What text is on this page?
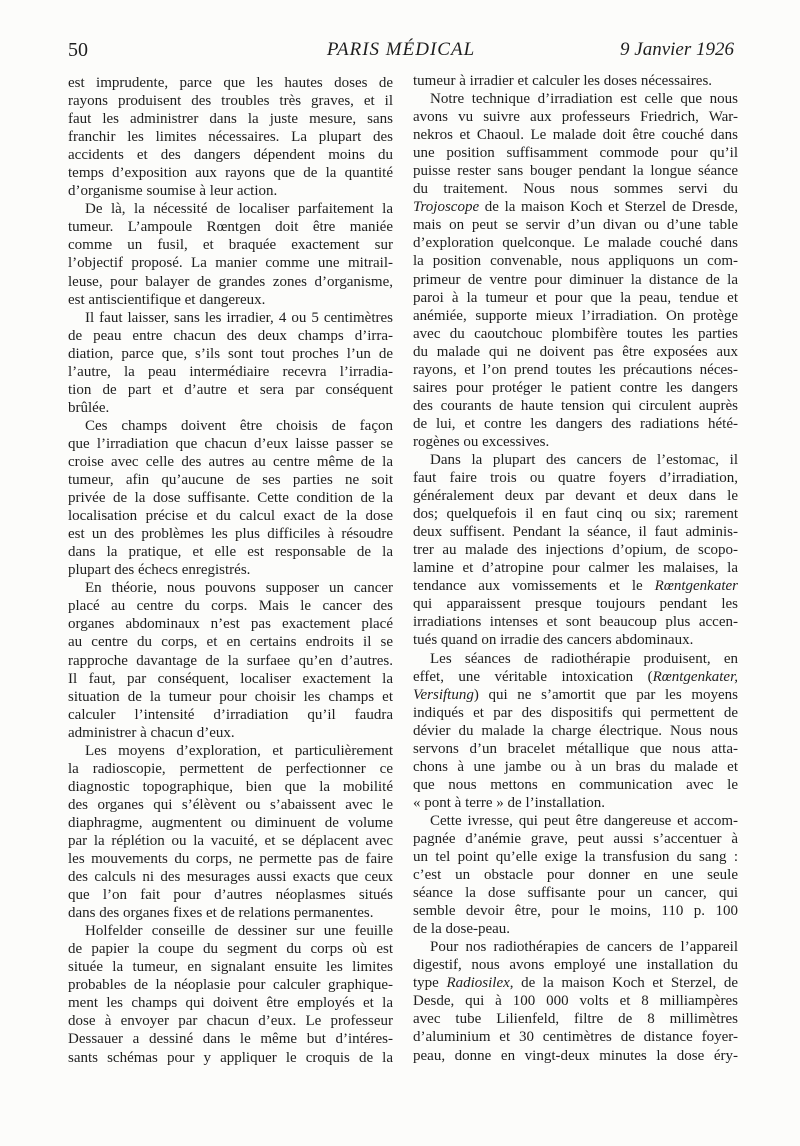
50	PARIS MÉDICAL	9 Janvier 1926
est imprudente, parce que les hautes doses de
rayons produisent des troubles très graves, et il
faut les administrer dans la juste mesure, sans
franchir les limites nécessaires. La plupart des
accidents et des dangers dépendent moins du
temps d’exposition aux rayons que de la quantité
d’organisme soumise à leur action.
De là, la nécessité de localiser parfaitement la
tumeur. L’ampoule Rœntgen doit être maniée
comme un fusil, et braquée exactement sur
l’objectif proposé. La manier comme une mitrail-
leuse, pour balayer de grandes zones d’organisme,
est antiscientifique et dangereux.
Il faut laisser, sans les irradier, 4 ou 5 centimètres
de peau entre chacun des deux champs d’irra-
diation, parce que, s’ils sont tout proches l’un de
l’autre, la peau intermédiaire recevra l’irradia-
tion de part et d’autre et sera par conséquent
brûlée.
Ces champs doivent être choisis de façon
que l’irradiation que chacun d’eux laisse passer se
croise avec celle des autres au centre même de la
tumeur, afin qu’aucune de ses parties ne soit
privée de la dose suffisante. Cette condition de la
localisation précise et du calcul exact de la dose
est un des problèmes les plus difficiles à résoudre
dans la pratique, et elle est responsable de la
plupart des échecs enregistrés.
En théorie, nous pouvons supposer un cancer
placé au centre du corps. Mais le cancer des
organes abdominaux n’est pas exactement placé
au centre du corps, et en certains endroits il se
rapproche davantage de la surfaee qu’en d’autres.
Il faut, par conséquent, localiser exactement la
situation de la tumeur pour choisir les champs et
calculer l’intensité d’irradiation qu’il faudra
administrer à chacun d’eux.
Les moyens d’exploration, et particulièrement
la radioscopie, permettent de perfectionner ce
diagnostic topographique, bien que la mobilité
des organes qui s’élèvent ou s’abaissent avec le
diaphragme, augmentent ou diminuent de volume
par la réplétion ou la vacuité, et se déplacent avec
les mouvements du corps, ne permette pas de faire
des calculs ni des mesurages aussi exacts que ceux
que l’on fait pour d’autres néoplasmes situés
dans des organes fixes et de relations permanentes.
Holfelder conseille de dessiner sur une feuille
de papier la coupe du segment du corps où est
située la tumeur, en signalant ensuite les limites
probables de la néoplasie pour calculer graphique-
ment les champs qui doivent être employés et la
dose à envoyer par chacun d’eux. Le professeur
Dessauer a dessiné dans le même but d’intéres-
sants schémas pour y appliquer le croquis de la
tumeur à irradier et calculer les doses nécessaires.
Notre technique d’irradiation est celle que nous
avons vu suivre aux professeurs Friedrich, War-
nekros et Chaoul. Le malade doit être couché dans
une position suffisamment commode pour qu’il
puisse rester sans bouger pendant la longue séance
du traitement. Nous nous sommes servi du
Trojoscope de la maison Koch et Sterzel de Dresde,
mais on peut se servir d’un divan ou d’une table
d’exploration quelconque. Le malade couché dans
la position convenable, nous appliquons un com-
primeur de ventre pour diminuer la distance de la
paroi à la tumeur et pour que la peau, tendue et
anémiée, supporte mieux l’irradiation. On protège
avec du caoutchouc plombifère toutes les parties
du malade qui ne doivent pas être exposées aux
rayons, et l’on prend toutes les précautions néces-
saires pour protéger le patient contre les dangers
des courants de haute tension qui circulent auprès
de lui, et contre les dangers des radiations hété-
rogènes ou excessives.
Dans la plupart des cancers de l’estomac, il
faut faire trois ou quatre foyers d’irradiation,
généralement deux par devant et deux dans le
dos; quelquefois il en faut cinq ou six; rarement
deux suffisent. Pendant la séance, il faut adminis-
trer au malade des injections d’opium, de scopo-
lamine et d’atropine pour calmer les malaises, la
tendance aux vomissements et le Rœntgenkater
qui apparaissent presque toujours pendant les
irradiations intenses et sont beaucoup plus accen-
tués quand on irradie des cancers abdominaux.
Les séances de radiothérapie produisent, en
effet, une véritable intoxication (Rœntgenkater,
Versiftung) qui ne s’amortit que par les moyens
indiqués et par des dispositifs qui permettent de
dévier du malade la charge électrique. Nous nous
servons d’un bracelet métallique que nous atta-
chons à une jambe ou à un bras du malade et
que nous mettons en communication avec le
« pont à terre » de l’installation.
Cette ivresse, qui peut être dangereuse et accom-
pagnée d’anémie grave, peut aussi s’accentuer à
un tel point qu’elle exige la transfusion du sang :
c’est un obstacle pour donner en une seule
séance la dose suffisante pour un cancer, qui
semble devoir être, pour le moins, 110 p. 100
de la dose-peau.
Pour nos radiothérapies de cancers de l’appareil
digestif, nous avons employé une installation du
type Radiosilex, de la maison Koch et Sterzel, de
Desde, qui à 100 000 volts et 8 milliampères
avec tube Lilienfeld, filtre de 8 millimètres
d’aluminium et 30 centimètres de distance foyer-
peau, donne en vingt-deux minutes la dose éry-
